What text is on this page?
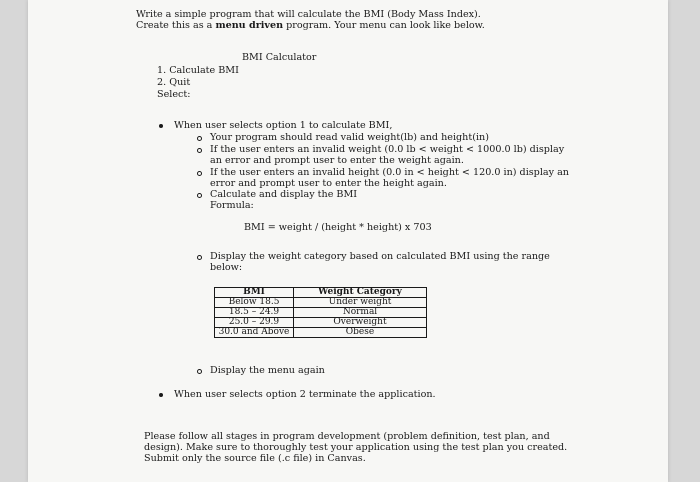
Write a simple program that will calculate the BMI (Body Mass Index).
Create this as a menu driven program. Your menu can look like below.
BMI Calculator
1. Calculate BMI
2. Quit
Select:
When user selects option 1 to calculate BMI,
Your program should read valid weight(lb) and height(in)
If the user enters an invalid weight (0.0 lb < weight < 1000.0 lb) display
an error and prompt user to enter the weight again.
If the user enters an invalid height (0.0 in < height < 120.0 in) display an
error and prompt user to enter the height again.
Calculate and display the BMI
Formula:
BMI = weight / (height * height) x 703
Display the weight category based on calculated BMI using the range
below:
BMI	Weight Category
Below 18.5	Under weight
18.5 – 24.9	Normal
25.0 – 29.9	Overweight
30.0 and Above	Obese
Display the menu again
When user selects option 2 terminate the application.
Please follow all stages in program development (problem definition, test plan, and
design). Make sure to thoroughly test your application using the test plan you created.
Submit only the source file (.c file) in Canvas.
